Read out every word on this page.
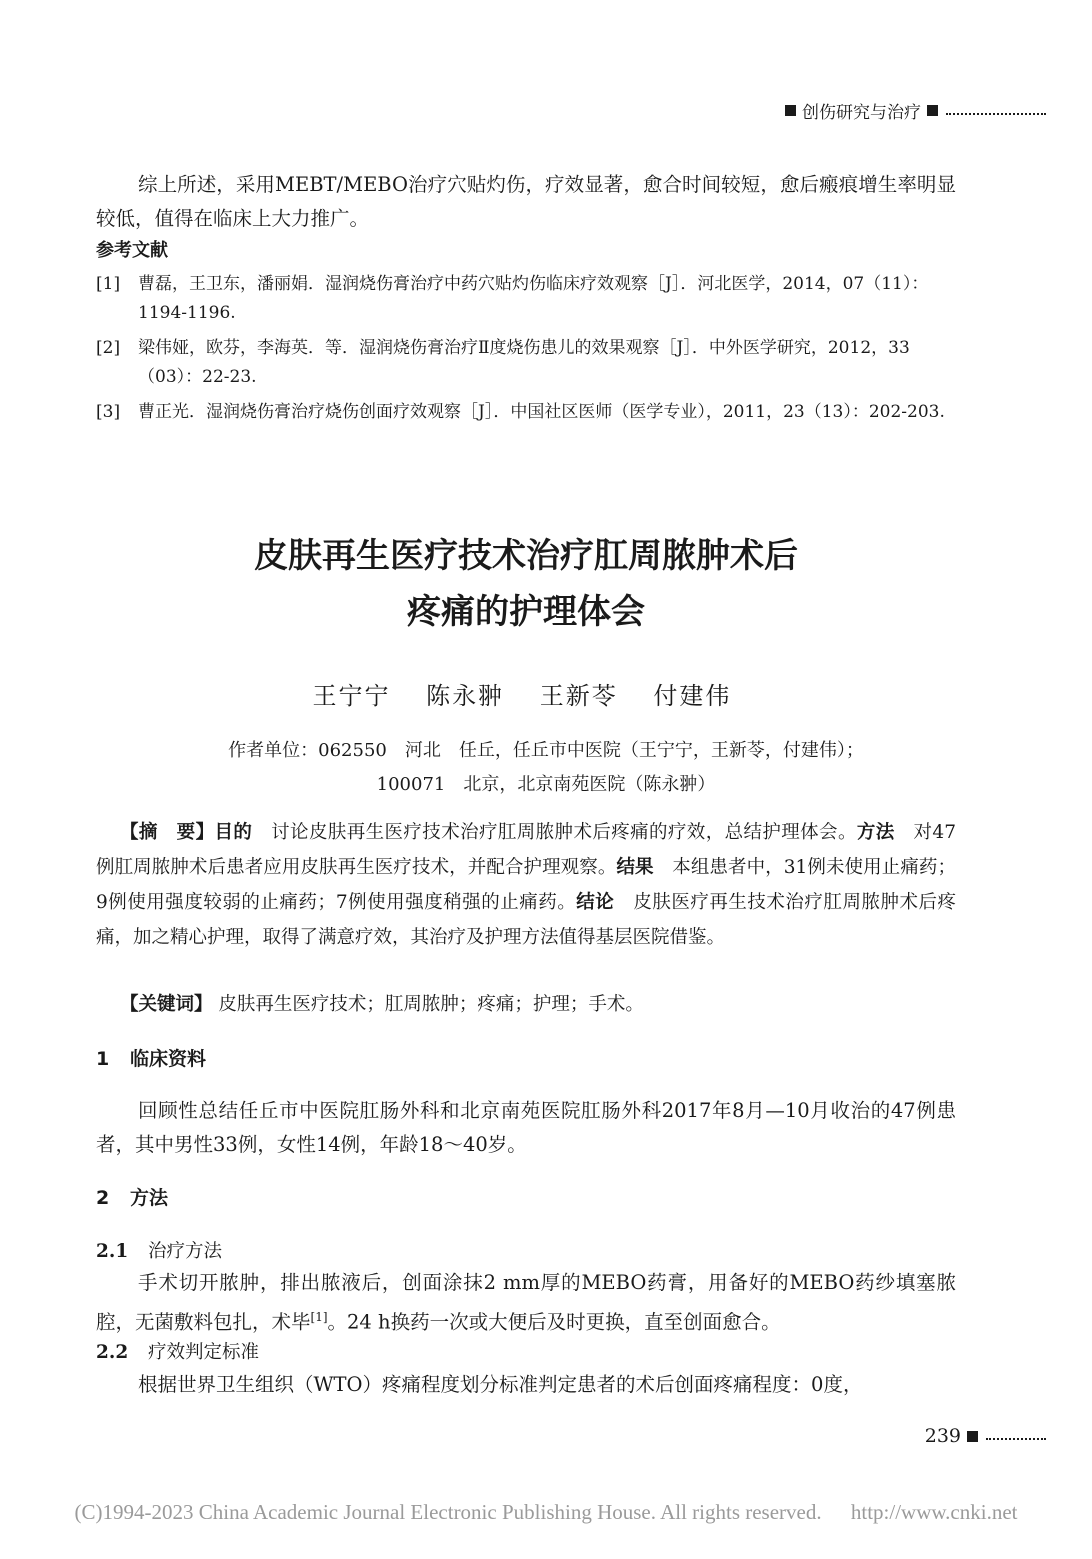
创伤研究与治疗
综上所述，采用MEBT/MEBO治疗穴贴灼伤，疗效显著，愈合时间较短，愈后瘢痕增生率明显较低，值得在临床上大力推广。
参考文献
[1] 曹磊，王卫东，潘丽娟．湿润烧伤膏治疗中药穴贴灼伤临床疗效观察［J］．河北医学，2014，07（11）：1194-1196.
[2] 梁伟娅，欧芬，李海英．等．湿润烧伤膏治疗Ⅱ度烧伤患儿的效果观察［J］．中外医学研究，2012，33（03）：22-23.
[3] 曹正光．湿润烧伤膏治疗烧伤创面疗效观察［J］．中国社区医师（医学专业），2011，23（13）：202-203.
皮肤再生医疗技术治疗肛周脓肿术后
疼痛的护理体会
王宁宁 陈永翀 王新苓 付建伟
作者单位：062550　河北　任丘，任丘市中医院（王宁宁，王新苓，付建伟）；
100071　北京，北京南苑医院（陈永翀）
【摘　要】目的　讨论皮肤再生医疗技术治疗肛周脓肿术后疼痛的疗效，总结护理体会。方法　对47例肛周脓肿术后患者应用皮肤再生医疗技术，并配合护理观察。结果　本组患者中，31例未使用止痛药；9例使用强度较弱的止痛药；7例使用强度稍强的止痛药。结论　皮肤医疗再生技术治疗肛周脓肿术后疼痛，加之精心护理，取得了满意疗效，其治疗及护理方法值得基层医院借鉴。
【关键词】 皮肤再生医疗技术；肛周脓肿；疼痛；护理；手术。
1 临床资料
回顾性总结任丘市中医院肛肠外科和北京南苑医院肛肠外科2017年8月—10月收治的47例患者，其中男性33例，女性14例，年龄18～40岁。
2 方法
2.1 治疗方法
手术切开脓肿，排出脓液后，创面涂抹2 mm厚的MEBO药膏，用备好的MEBO药纱填塞脓腔，无菌敷料包扎，术毕[1]。24 h换药一次或大便后及时更换，直至创面愈合。
2.2 疗效判定标准
根据世界卫生组织（WTO）疼痛程度划分标准判定患者的术后创面疼痛程度：0度，
239
(C)1994-2023 China Academic Journal Electronic Publishing House. All rights reserved. http://www.cnki.net
